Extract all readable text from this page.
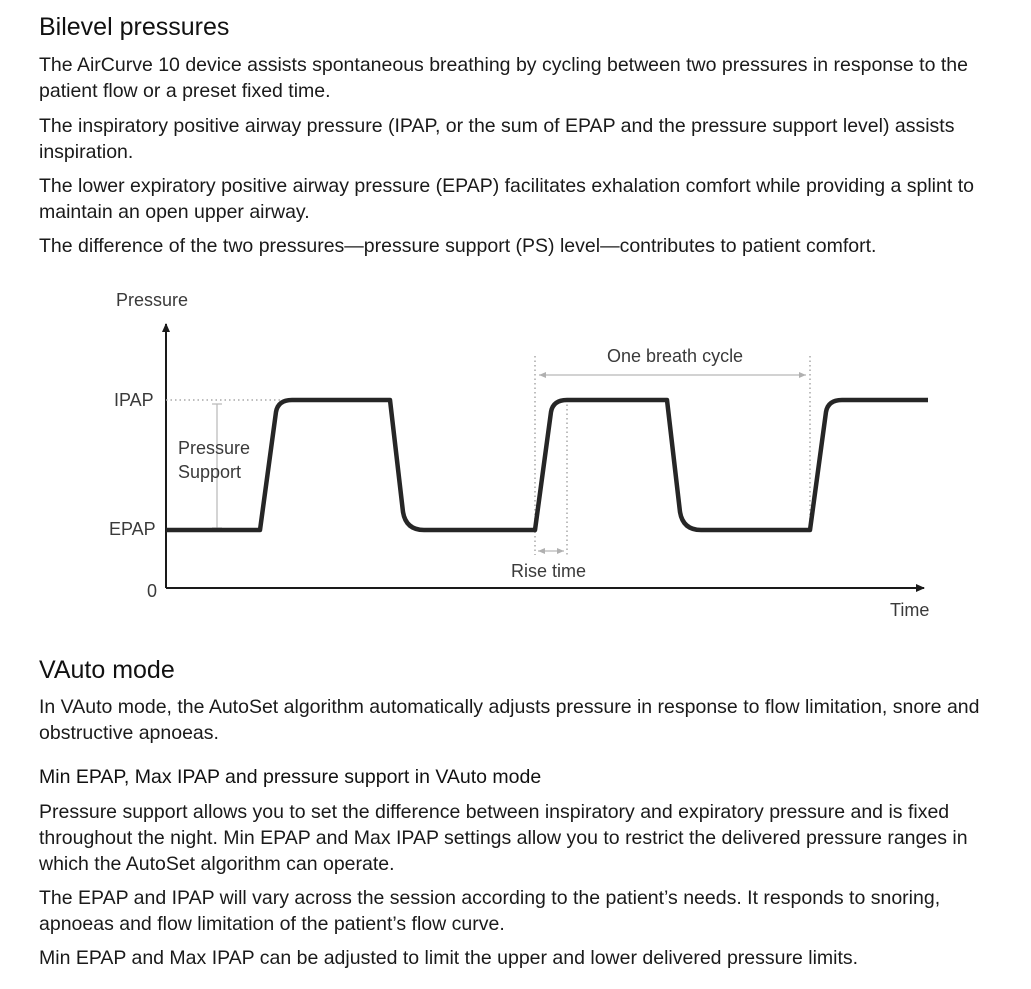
Bilevel pressures

The AirCurve 10 device assists spontaneous breathing by cycling between two pressures in response to the patient flow or a preset fixed time.

The inspiratory positive airway pressure (IPAP, or the sum of EPAP and the pressure support level) assists inspiration.

The lower expiratory positive airway pressure (EPAP) facilitates exhalation comfort while providing a splint to maintain an open upper airway.

The difference of the two pressures—pressure support (PS) level—contributes to patient comfort.

Pressure
IPAP
EPAP
0
Time
Pressure
Support
One breath cycle
Rise time
VAuto mode

In VAuto mode, the AutoSet algorithm automatically adjusts pressure in response to flow limitation, snore and obstructive apnoeas.

Min EPAP, Max IPAP and pressure support in VAuto mode

Pressure support allows you to set the difference between inspiratory and expiratory pressure and is fixed throughout the night. Min EPAP and Max IPAP settings allow you to restrict the delivered pressure ranges in which the AutoSet algorithm can operate.

The EPAP and IPAP will vary across the session according to the patient’s needs. It responds to snoring, apnoeas and flow limitation of the patient’s flow curve.

Min EPAP and Max IPAP can be adjusted to limit the upper and lower delivered pressure limits.
